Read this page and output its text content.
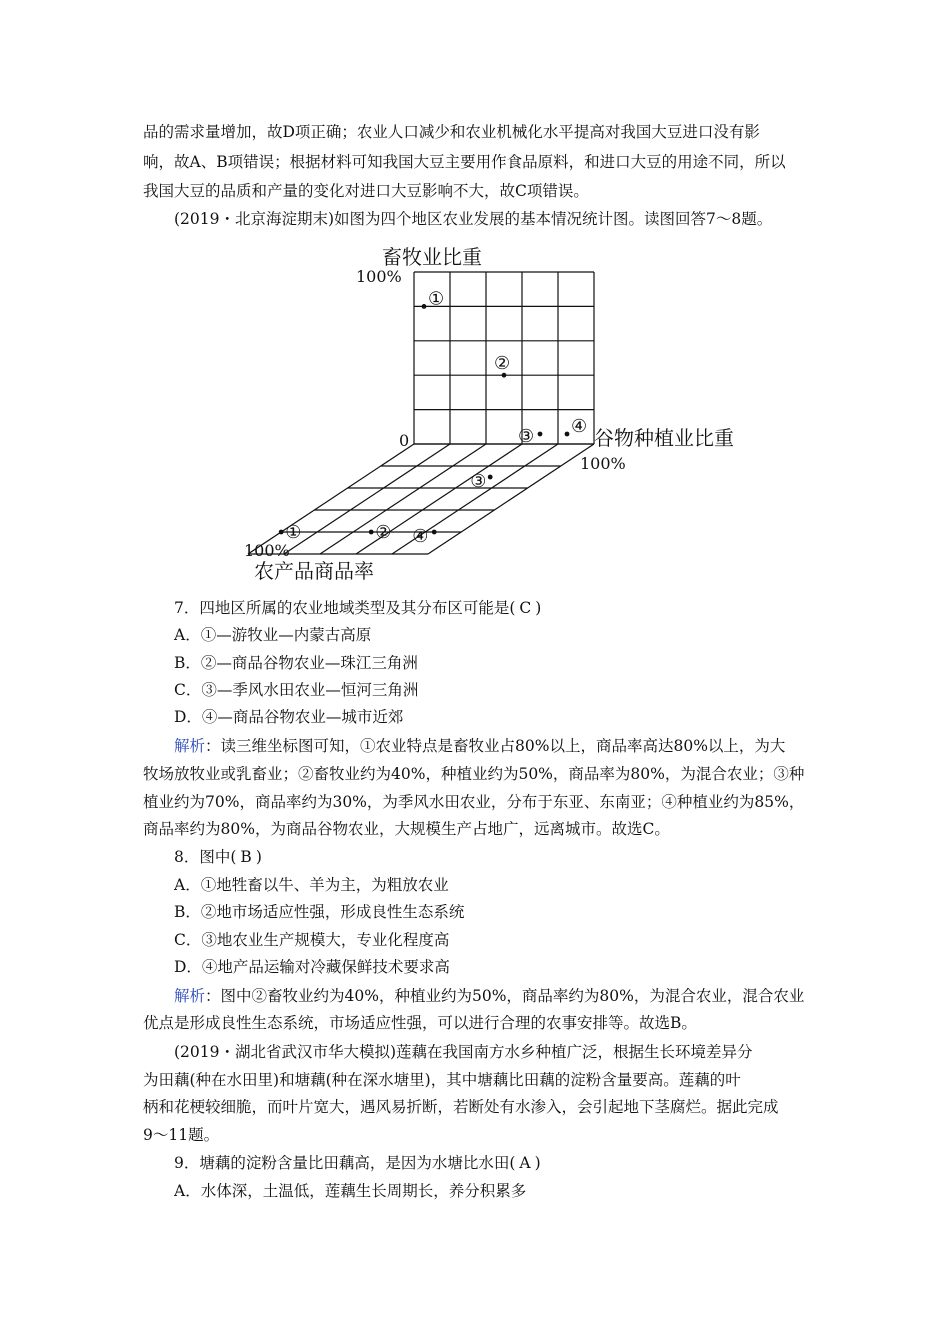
品的需求量增加，故D项正确；农业人口减少和农业机械化水平提高对我国大豆进口没有影
响，故A、B项错误；根据材料可知我国大豆主要用作食品原料，和进口大豆的用途不同，所以
我国大豆的品质和产量的变化对进口大豆影响不大，故C项错误。
(2019・北京海淀期末)如图为四个地区农业发展的基本情况统计图。读图回答7～8题。
①
①
②
②
③
③
④
④
畜牧业比重
100%
0	谷物种植业比重
100%
100%
农产品商品率
7．四地区所属的农业地域类型及其分布区可能是( C )
A．①—游牧业—内蒙古高原
B．②—商品谷物农业—珠江三角洲
C．③—季风水田农业—恒河三角洲
D．④—商品谷物农业—城市近郊
解析：读三维坐标图可知，①农业特点是畜牧业占80%以上，商品率高达80%以上，为大
牧场放牧业或乳畜业；②畜牧业约为40%，种植业约为50%，商品率为80%，为混合农业；③种
植业约为70%，商品率约为30%，为季风水田农业，分布于东亚、东南亚；④种植业约为85%，
商品率约为80%，为商品谷物农业，大规模生产占地广，远离城市。故选C。
8．图中( B )
A．①地牲畜以牛、羊为主，为粗放农业
B．②地市场适应性强，形成良性生态系统
C．③地农业生产规模大，专业化程度高
D．④地产品运输对冷藏保鲜技术要求高
解析：图中②畜牧业约为40%，种植业约为50%，商品率约为80%，为混合农业，混合农业
优点是形成良性生态系统，市场适应性强，可以进行合理的农事安排等。故选B。
(2019・湖北省武汉市华大模拟)莲藕在我国南方水乡种植广泛，根据生长环境差异分
为田藕(种在水田里)和塘藕(种在深水塘里)，其中塘藕比田藕的淀粉含量要高。莲藕的叶
柄和花梗较细脆，而叶片宽大，遇风易折断，若断处有水渗入，会引起地下茎腐烂。据此完成
9～11题。
9．塘藕的淀粉含量比田藕高，是因为水塘比水田( A )
A．水体深，土温低，莲藕生长周期长，养分积累多
